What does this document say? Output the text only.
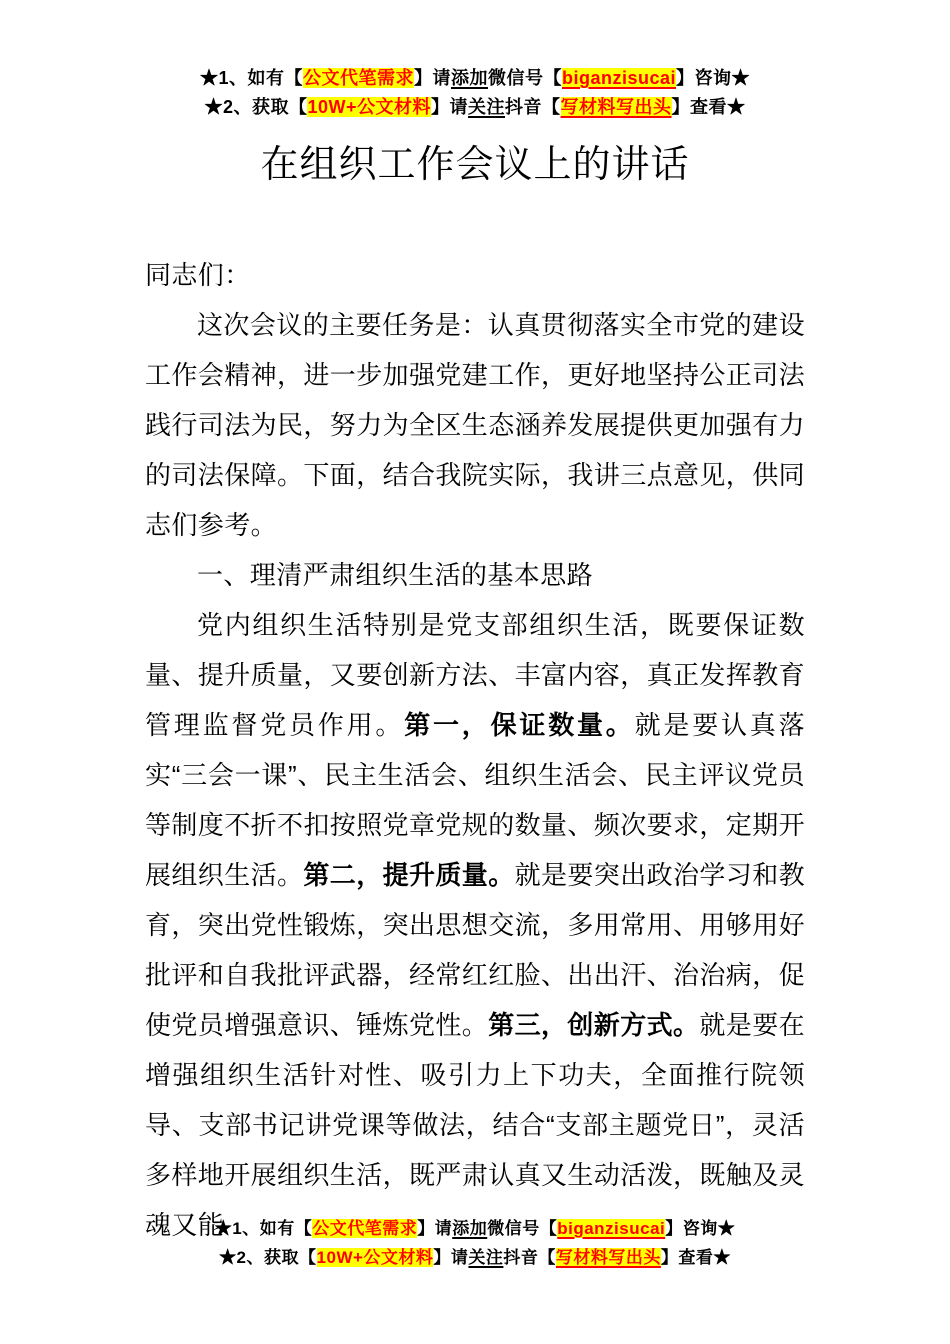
★1、如有【公文代笔需求】请添加微信号【biganzisucai】咨询★
★2、获取【10W+公文材料】请关注抖音【写材料写出头】查看★
在组织工作会议上的讲话

同志们：

这次会议的主要任务是：认真贯彻落实全市党的建设工作会精神，进一步加强党建工作，更好地坚持公正司法践行司法为民，努力为全区生态涵养发展提供更加强有力的司法保障。下面，结合我院实际，我讲三点意见，供同志们参考。

一、理清严肃组织生活的基本思路

党内组织生活特别是党支部组织生活，既要保证数量、提升质量，又要创新方法、丰富内容，真正发挥教育管理监督党员作用。第一，保证数量。就是要认真落实“三会一课”、民主生活会、组织生活会、民主评议党员等制度不折不扣按照党章党规的数量、频次要求，定期开展组织生活。第二，提升质量。就是要突出政治学习和教育，突出党性锻炼，突出思想交流，多用常用、用够用好批评和自我批评武器，经常红红脸、出出汗、治治病，促使党员增强意识、锤炼党性。第三，创新方式。就是要在增强组织生活针对性、吸引力上下功夫，全面推行院领导、支部书记讲党课等做法，结合“支部主题党日”，灵活多样地开展组织生活，既严肃认真又生动活泼，既触及灵魂又能

★1、如有【公文代笔需求】请添加微信号【biganzisucai】咨询★
★2、获取【10W+公文材料】请关注抖音【写材料写出头】查看★
